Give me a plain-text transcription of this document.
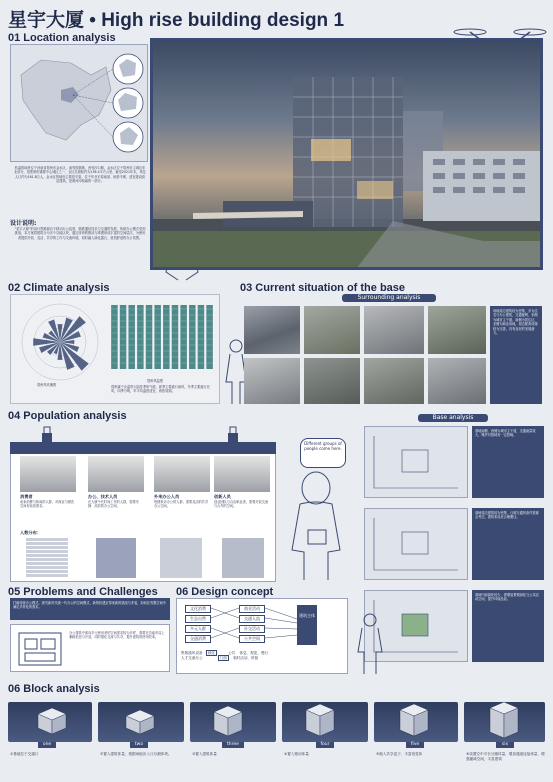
星宇大厦 • High rise building design 1
01 Location analysis
档温的地块位于河南省郑州市金水区，南邻国基路，西邻沙口路，金水区位于郑州市主城区东北部分，是郑州的重要中心城区之一，全区总面积约为136.4平方公里，截至2021年末，常住人口约为161.8万人，金水区的地形主要是平原，位于华北平原南部，地势平缓，适宜建设高层建筑，是黄河冲积扇的一部分。
设计说明:
“星宇大厦”的设计思路源自于移动办公趋势，随着通信技术与交通的发展，传统办公模式受到挑战，本方案将建筑分为多个功能区块，通过体块的错动与堆叠形成丰富的空间层次，为使用者提供开放、灵活、共享的工作与交流环境，同时融入绿化露台，营造舒适的办公氛围。
02 Climate analysis
郑州风玫瑰图
郑州风温图
郑州属于北温带大陆性季风气候，夏季主要盛行南风，冬季主要盛行北风，四季分明，年平均温度适宜，雨热同期。
03 Current situation of the base
Surrounding analysis
场地周边建筑较为密集，多为住宅与办公建筑，交通便利，东侧为城市主干道，南侧为居住区，北侧为商业用地，周边配套设施较为完善，具有良好的发展潜力。
Base analysis
基地南侧、西侧为城市主干道，交通流量较大，噪声对基地有一定影响。
基地周边建筑较为密集，日照与通风条件需重点考虑，建筑布局应合理避让。
基地内部绿化较少，需增加景观绿化与公共活动空间，提升环境品质。
04 Population analysis
消费者
前来消费与休闲的人群，对商业与餐饮空间有较高需求。
办公、技术人员
在大厦中长时间工作的人群，需要安静、高效的办公空间。
外来办公人员
短期来访办公的人群，需要灵活的共享办公空间。
创新人员
创业团队与自由职业者，需要开放交流与合作的空间。
人数分布：
Different groups of people come here.
05 Problems and Challenges
打破传统办公模式，探究新时代统一代办公的空间模式，新的机遇正带来新的挑战与矛盾，如何在有限空间中满足多样化的需求。
办公建筑中面向多元使用者的空间需求较为多样，需要在功能布局上兼顾私密与开放，同时强化交流与共享，提升建筑的使用效率。
06 Design concept
文化消费
生态自然
多元人群
交通消费
商业活动
交通人流
社交活动
公共空间
建筑主体
集散通风设备 绿化	公共 休息、观览、慢行
人才交流办公	门面 临时活动、停留
06 Block analysis
one	two	three	four	five	six
①基地位于交通口	②置入建筑体量，根据场地出入口分割体块。	③置入建筑体量	④置入错动体量	⑤植入共享盒子、丰富视觉体	⑥设置空中平台分割体量，增加通道连接体量，增强趣味空间，丰富建筑
